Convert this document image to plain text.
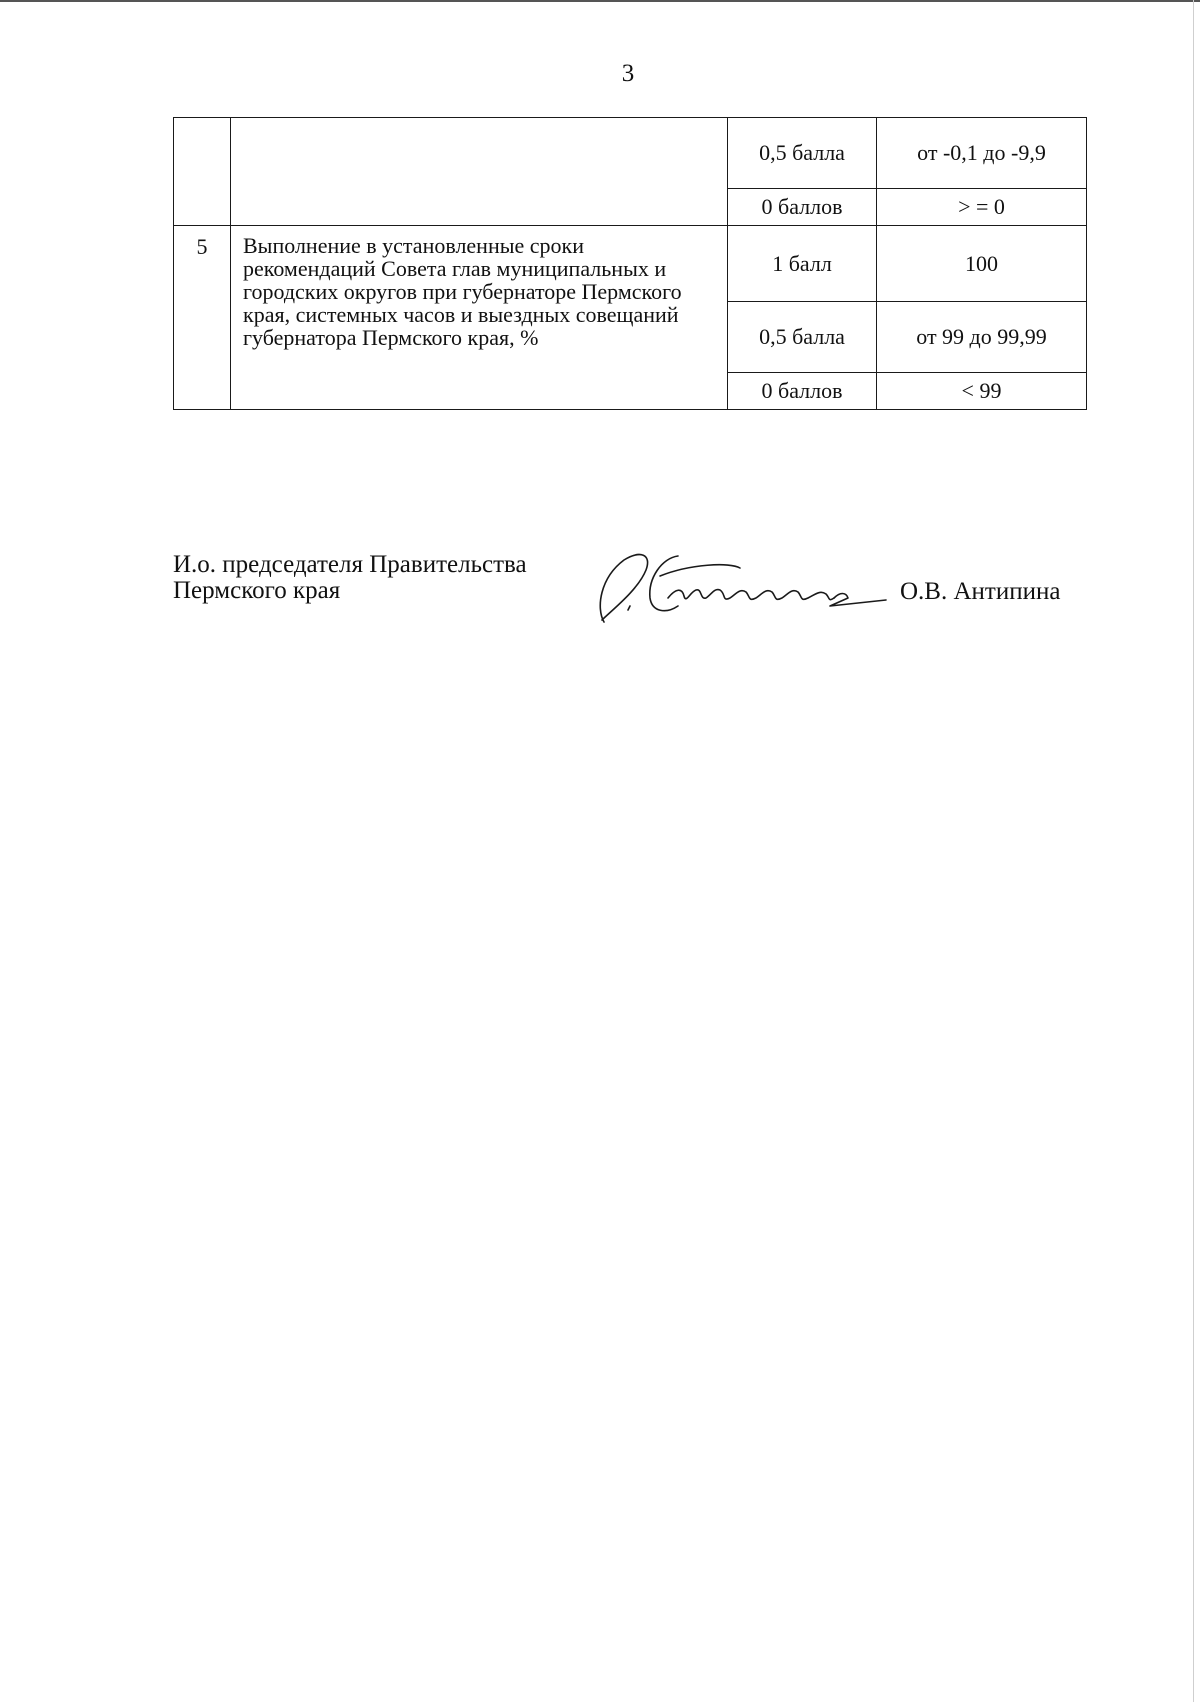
3
		0,5 балла	от -0,1 до -9,9
		0 баллов	> = 0
5	Выполнение в установленные сроки рекомендаций Совета глав муниципальных и городских округов при губернаторе Пермского края, системных часов и выездных совещаний губернатора Пермского края, %	1 балл	100
		0,5 балла	от 99 до 99,99
		0 баллов	< 99
И.о. председателя Правительства
Пермского края	О.В. Антипина
